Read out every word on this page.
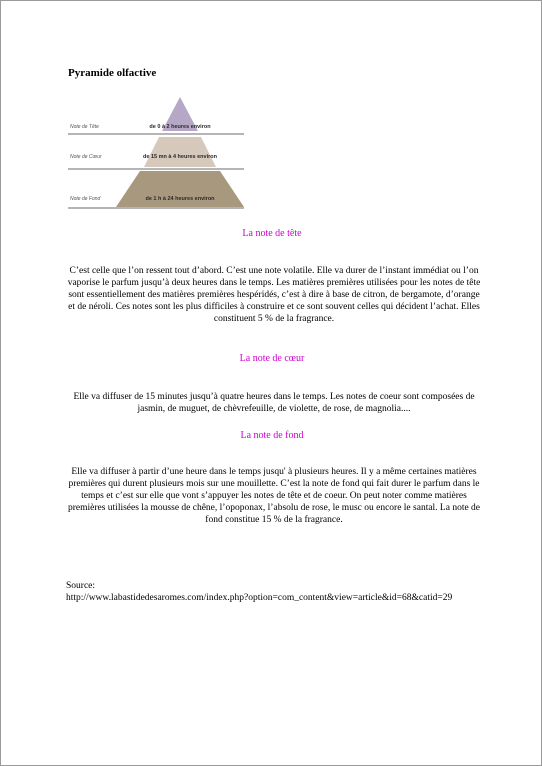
Pyramide olfactive
Note de Tête	de 0 à 2 heures environ
Note de Cœur	de 15 mn à 4 heures environ
Note de Fond	de 1 h à 24 heures environ
La note de tête
C’est celle que l’on ressent tout d’abord. C’est une note volatile. Elle va durer de l’instant immédiat ou l’on vaporise le parfum jusqu’à deux heures dans le temps. Les matières premières utilisées pour les notes de tête sont essentiellement des matières premières hespéridés, c’est à dire à base de citron, de bergamote, d’orange et de néroli. Ces notes sont les plus difficiles à construire et ce sont souvent celles qui décident l’achat. Elles constituent 5 % de la fragrance.
La note de cœur
Elle va diffuser de 15 minutes jusqu’à quatre heures dans le temps. Les notes de coeur sont composées de jasmin, de muguet, de chèvrefeuille, de violette, de rose, de magnolia....
La note de fond
Elle va diffuser à partir d’une heure dans le temps jusqu' à plusieurs heures. Il y a même certaines matières premières qui durent plusieurs mois sur une mouillette. C’est la note de fond qui fait durer le parfum dans le temps et c’est sur elle que vont s’appuyer les notes de tête et de coeur. On peut noter comme matières premières utilisées la mousse de chêne, l’opoponax, l’absolu de rose, le musc ou encore le santal. La note de fond constitue 15 % de la fragrance.
Source:
http://www.labastidedesaromes.com/index.php?option=com_content&view=article&id=68&catid=29
